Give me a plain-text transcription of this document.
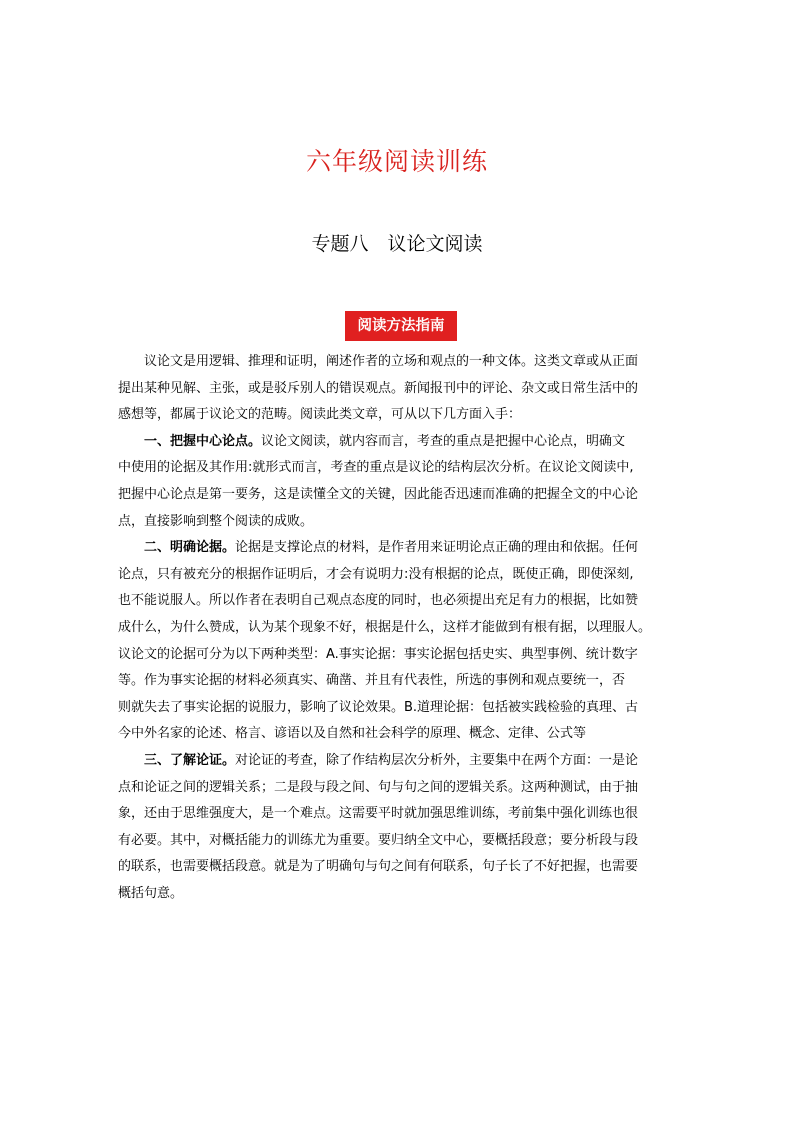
六年级阅读训练
专题八　议论文阅读
阅读方法指南

议论文是用逻辑、推理和证明，阐述作者的立场和观点的一种文体。这类文章或从正面
提出某种见解、主张，或是驳斥别人的错误观点。新闻报刊中的评论、杂文或日常生活中的
感想等，都属于议论文的范畴。阅读此类文章，可从以下几方面入手：

一、把握中心论点。议论文阅读，就内容而言，考查的重点是把握中心论点，明确文
中使用的论据及其作用:就形式而言，考查的重点是议论的结构层次分析。在议论文阅读中,
把握中心论点是第一要务，这是读懂全文的关键，因此能否迅速而准确的把握全文的中心论
点，直接影响到整个阅读的成败。

二、明确论据。论据是支撑论点的材料，是作者用来证明论点正确的理由和依据。任何
论点，只有被充分的根据作证明后，才会有说明力:没有根据的论点，既使正确，即使深刻,
也不能说服人。所以作者在表明自己观点态度的同时，也必须提出充足有力的根据，比如赞
成什么，为什么赞成，认为某个现象不好，根据是什么，这样才能做到有根有据，以理服人。
议论文的论据可分为以下两种类型：A.事实论据：事实论据包括史实、典型事例、统计数字
等。作为事实论据的材料必须真实、确凿、并且有代表性，所选的事例和观点要统一，否
则就失去了事实论据的说服力，影响了议论效果。B.道理论据：包括被实践检验的真理、古
今中外名家的论述、格言、谚语以及自然和社会科学的原理、概念、定律、公式等

三、了解论证。对论证的考查，除了作结构层次分析外，主要集中在两个方面：一是论
点和论证之间的逻辑关系；二是段与段之间、句与句之间的逻辑关系。这两种测试，由于抽
象，还由于思维强度大，是一个难点。这需要平时就加强思维训练，考前集中强化训练也很
有必要。其中，对概括能力的训练尤为重要。要归纳全文中心，要概括段意；要分析段与段
的联系，也需要概括段意。就是为了明确句与句之间有何联系，句子长了不好把握，也需要
概括句意。
